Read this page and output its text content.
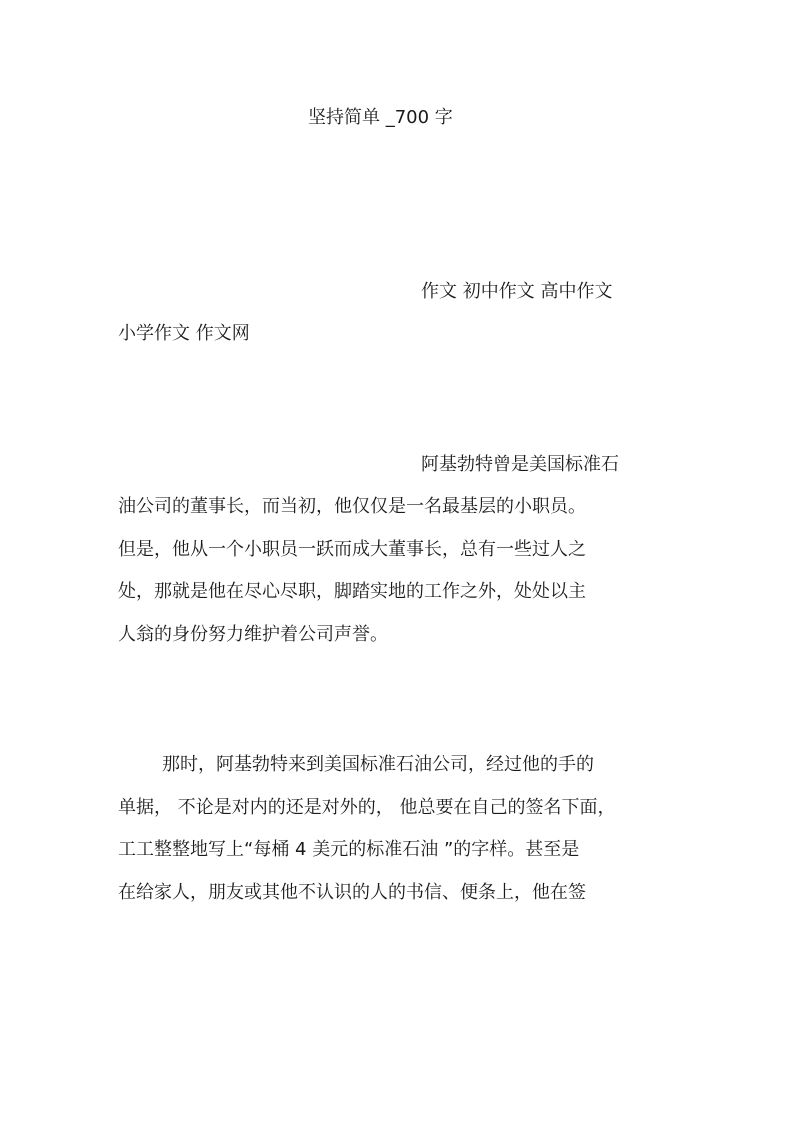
坚持简单 _700 字
作文 初中作文 高中作文
小学作文 作文网
阿基勃特曾是美国标准石
油公司的董事长，而当初，他仅仅是一名最基层的小职员。
但是，他从一个小职员一跃而成大董事长，总有一些过人之
处，那就是他在尽心尽职，脚踏实地的工作之外，处处以主
人翁的身份努力维护着公司声誉。
那时，阿基勃特来到美国标准石油公司，经过他的手的
单据， 不论是对内的还是对外的， 他总要在自己的签名下面，
工工整整地写上“每桶 4 美元的标准石油 ”的字样。甚至是
在给家人，朋友或其他不认识的人的书信、便条上，他在签
